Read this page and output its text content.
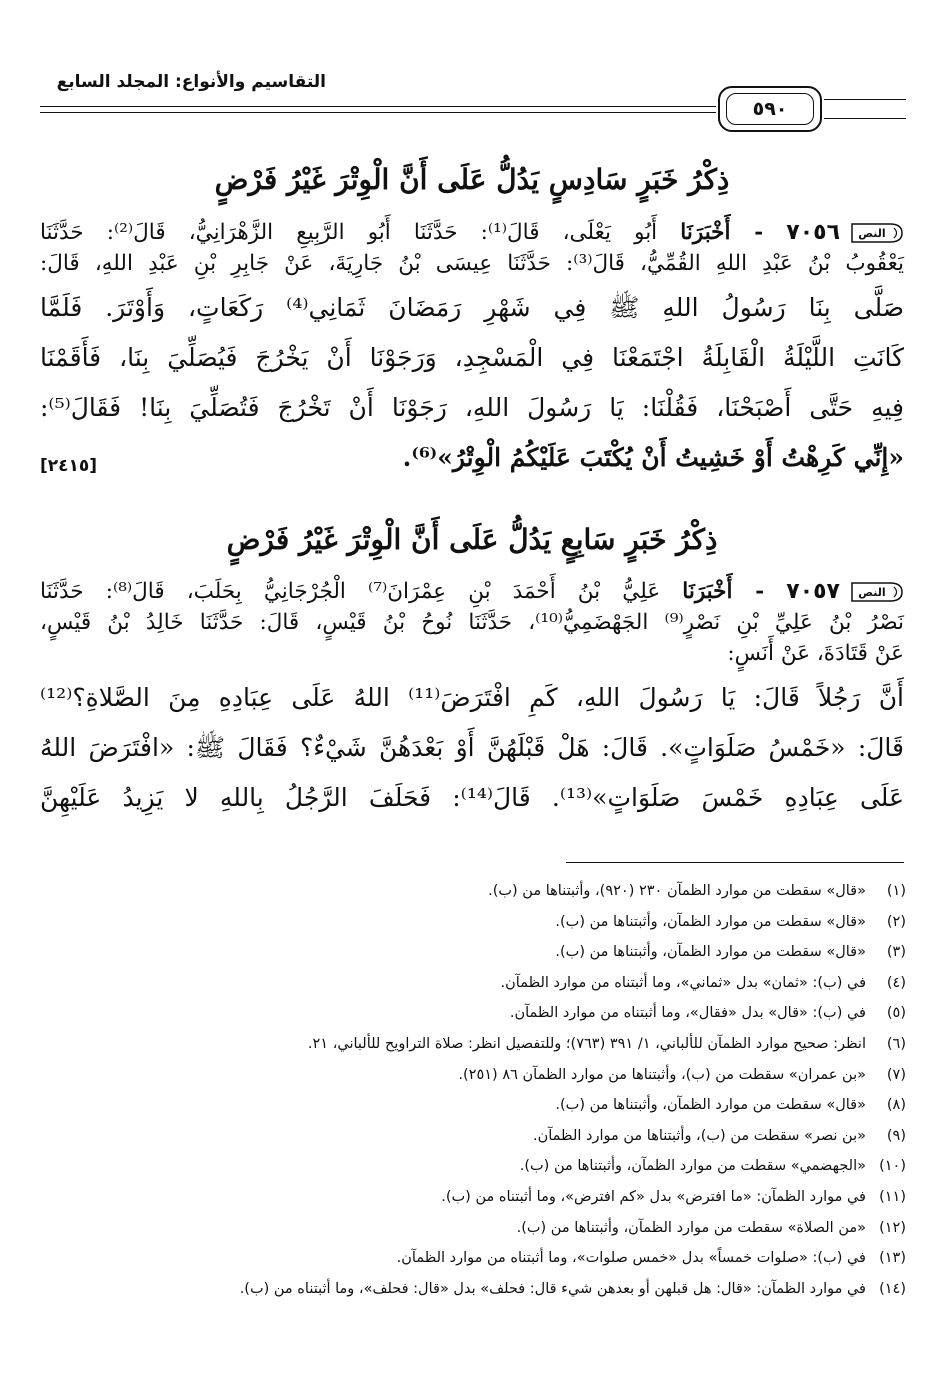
التقاسيم والأنواع: المجلد السابع
٥٩٠
ذِكْرُ خَبَرٍ سَادِسٍ يَدُلُّ عَلَى أَنَّ الْوِتْرَ غَيْرُ فَرْضٍ
النص
٧٠٥٦ - أَخْبَرَنَا أَبُو يَعْلَى، قَالَ⁽¹⁾: حَدَّثَنَا أَبُو الرَّبِيعِ الزَّهْرَانِيُّ، قَالَ⁽²⁾: حَدَّثَنَا
يَعْقُوبُ بْنُ عَبْدِ اللهِ القُمِّيُّ، قَالَ⁽³⁾: حَدَّثَنَا عِيسَى بْنُ جَارِيَةَ، عَنْ جَابِرِ بْنِ عَبْدِ اللهِ، قَالَ:
صَلَّى بِنَا رَسُولُ اللهِ ﷺ فِي شَهْرِ رَمَضَانَ ثَمَانِي⁽⁴⁾ رَكَعَاتٍ، وَأَوْتَرَ. فَلَمَّا
كَانَتِ اللَّيْلَةُ الْقَابِلَةُ اجْتَمَعْنَا فِي الْمَسْجِدِ، وَرَجَوْنَا أَنْ يَخْرُجَ فَيُصَلِّيَ بِنَا، فَأَقَمْنَا
فِيهِ حَتَّى أَصْبَحْنَا، فَقُلْنَا: يَا رَسُولَ اللهِ، رَجَوْنَا أَنْ تَخْرُجَ فَتُصَلِّيَ بِنَا! فَقَالَ⁽⁵⁾:
«إِنِّي كَرِهْتُ أَوْ خَشِيتُ أَنْ يُكْتَبَ عَلَيْكُمُ الْوِتْرُ»⁽⁶⁾.
[٢٤١٥]
ذِكْرُ خَبَرٍ سَابِعٍ يَدُلُّ عَلَى أَنَّ الْوِتْرَ غَيْرُ فَرْضٍ
النص
٧٠٥٧ - أَخْبَرَنَا عَلِيُّ بْنُ أَحْمَدَ بْنِ عِمْرَانَ⁽⁷⁾ الْجُرْجَانِيُّ بِحَلَبَ، قَالَ⁽⁸⁾: حَدَّثَنَا
نَصْرُ بْنُ عَلِيِّ بْنِ نَصْرٍ⁽⁹⁾ الجَهْضَمِيُّ⁽¹⁰⁾، حَدَّثَنَا نُوحُ بْنُ قَيْسٍ، قَالَ: حَدَّثَنَا خَالِدُ بْنُ قَيْسٍ،
عَنْ قَتَادَةَ، عَنْ أَنَسٍ:
أَنَّ رَجُلاً قَالَ: يَا رَسُولَ اللهِ، كَمِ افْتَرَضَ⁽¹¹⁾ اللهُ عَلَى عِبَادِهِ مِنَ الصَّلاةِ؟⁽¹²⁾
قَالَ: «خَمْسُ صَلَوَاتٍ». قَالَ: هَلْ قَبْلَهُنَّ أَوْ بَعْدَهُنَّ شَيْءٌ؟ فَقَالَ ﷺ: «افْتَرَضَ اللهُ
عَلَى عِبَادِهِ خَمْسَ صَلَوَاتٍ»⁽¹³⁾. قَالَ⁽¹⁴⁾: فَحَلَفَ الرَّجُلُ بِاللهِ لا يَزِيدُ عَلَيْهِنَّ
(١)
«قال» سقطت من موارد الظمآن ٢٣٠ (٩٢٠)، وأثبتناها من (ب).
(٢)
«قال» سقطت من موارد الظمآن، وأثبتناها من (ب).
(٣)
«قال» سقطت من موارد الظمآن، وأثبتناها من (ب).
(٤)
في (ب): «ثمان» بدل «ثماني»، وما أثبتناه من موارد الظمآن.
(٥)
في (ب): «قال» بدل «فقال»، وما أثبتناه من موارد الظمآن.
(٦)
انظر: صحيح موارد الظمآن للألباني، ١/ ٣٩١ (٧٦٣)؛ وللتفصيل انظر: صلاة التراويح للألباني، ٢١.
(٧)
«بن عمران» سقطت من (ب)، وأثبتناها من موارد الظمآن ٨٦ (٢٥١).
(٨)
«قال» سقطت من موارد الظمآن، وأثبتناها من (ب).
(٩)
«بن نصر» سقطت من (ب)، وأثبتناها من موارد الظمآن.
(١٠)
«الجهضمي» سقطت من موارد الظمآن، وأثبتناها من (ب).
(١١)
في موارد الظمآن: «ما افترض» بدل «كم افترض»، وما أثبتناه من (ب).
(١٢)
«من الصلاة» سقطت من موارد الظمآن، وأثبتناها من (ب).
(١٣)
في (ب): «صلوات خمساً» بدل «خمس صلوات»، وما أثبتناه من موارد الظمآن.
(١٤)
في موارد الظمآن: «قال: هل قبلهن أو بعدهن شيء قال: فحلف» بدل «قال: فحلف»، وما أثبتناه من (ب).
